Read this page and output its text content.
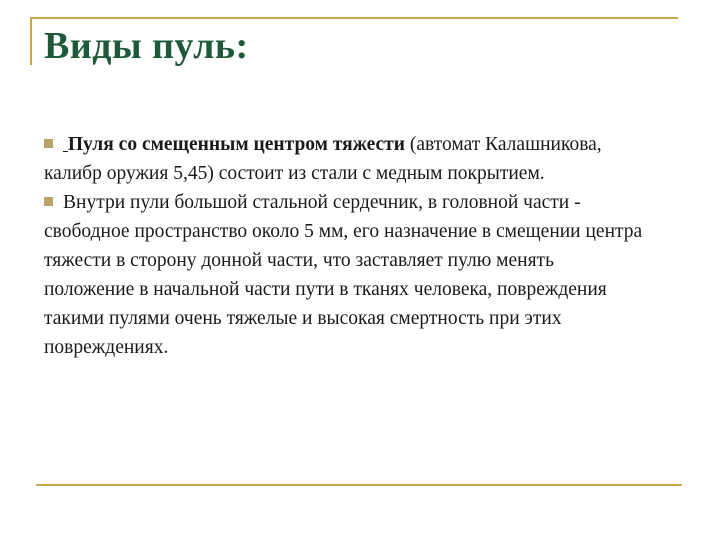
Виды пуль:

Пуля со смещенным центром тяжести (автомат Калашникова, калибр оружия 5,45) состоит из стали с медным покрытием.

Внутри пули большой стальной сердечник, в головной части - свободное пространство около 5 мм, его назначение в смещении центра тяжести в сторону донной части, что заставляет пулю менять положение в начальной части пути в тканях человека, повреждения такими пулями очень тяжелые и высокая смертность при этих повреждениях.
